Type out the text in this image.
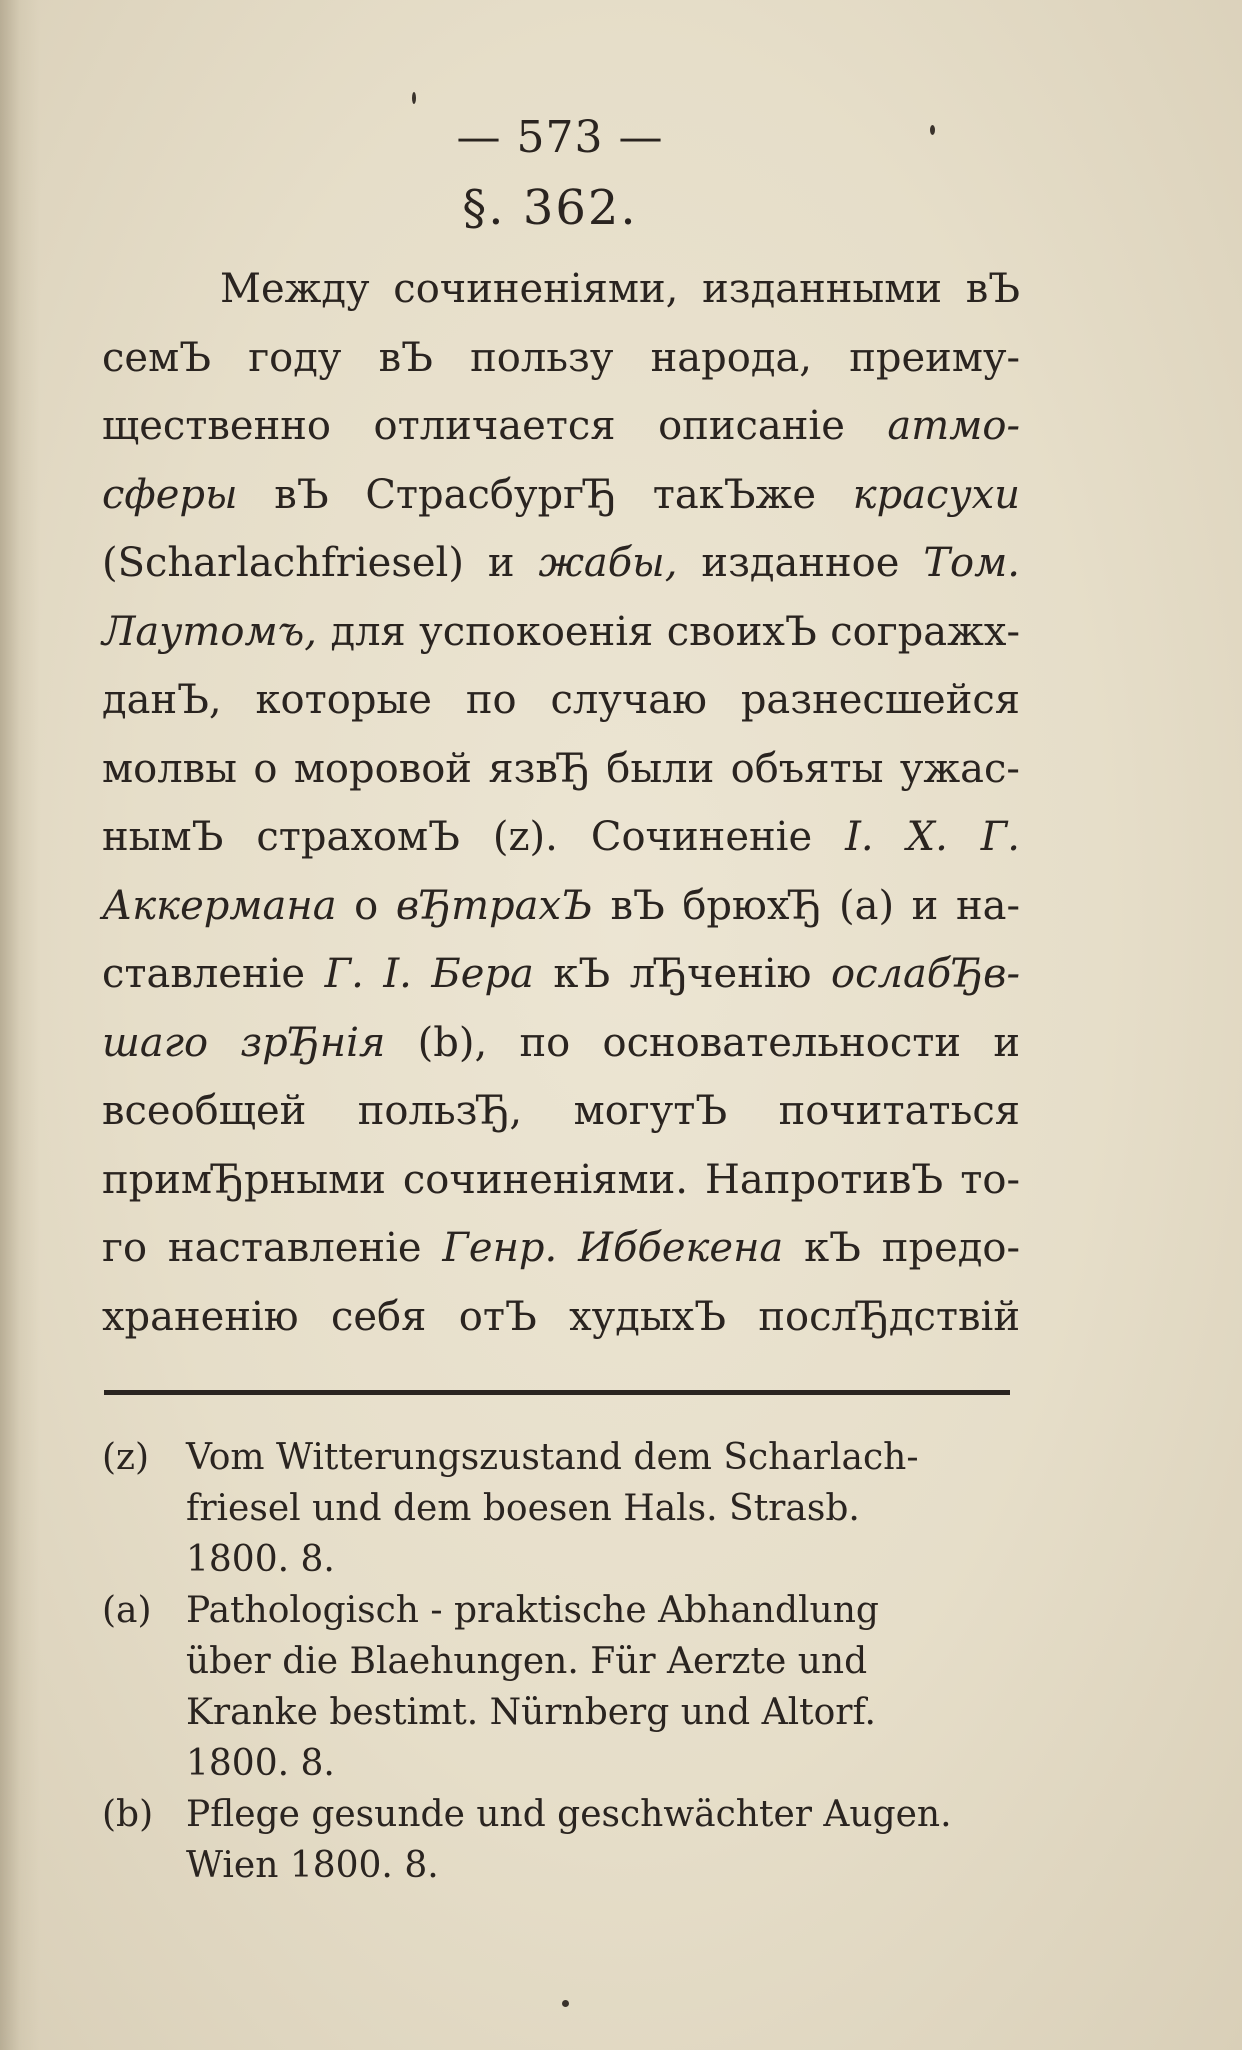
— 573 —
§. 362.
Между сочиненіями, изданными вЪ
семЪ году вЪ пользу народа, преиму-
щественно отличается описаніе атмо-
сферы вЪ СтрасбургЂ такЪже красухи
(Scharlachfriesel) и жабы, изданное Том.
Лаутомъ, для успокоенія своихЪ согражх-
данЪ, которые по случаю разнесшейся
молвы о моровой язвЂ были объяты ужас-
нымЪ страхомЪ (z). Сочиненіе І. Х. Г.
Аккермана о вЂтрахЪ вЪ брюхЂ (а) и на-
ставленіе Г. І. Бера кЪ лЂченію ослабЂв-
шаго зрЂнія (b), по основательности и
всеобщей пользЂ, могутЪ почитаться
примЂрными сочиненіями. НапротивЪ то-
го наставленіе Генр. Иббекена кЪ предо-
храненію себя отЪ худыхЪ послЂдствій
(z)	Vom Witterungszustand dem Scharlach-
friesel und dem boesen Hals. Strasb.
1800. 8.
(a) Pathologisch - praktische Abhandlung
über die Blaehungen. Für Aerzte und
Kranke bestimt. Nürnberg und Altorf.
1800. 8.
(b) Pflege gesunde und geschwächter Augen.
Wien 1800. 8.
